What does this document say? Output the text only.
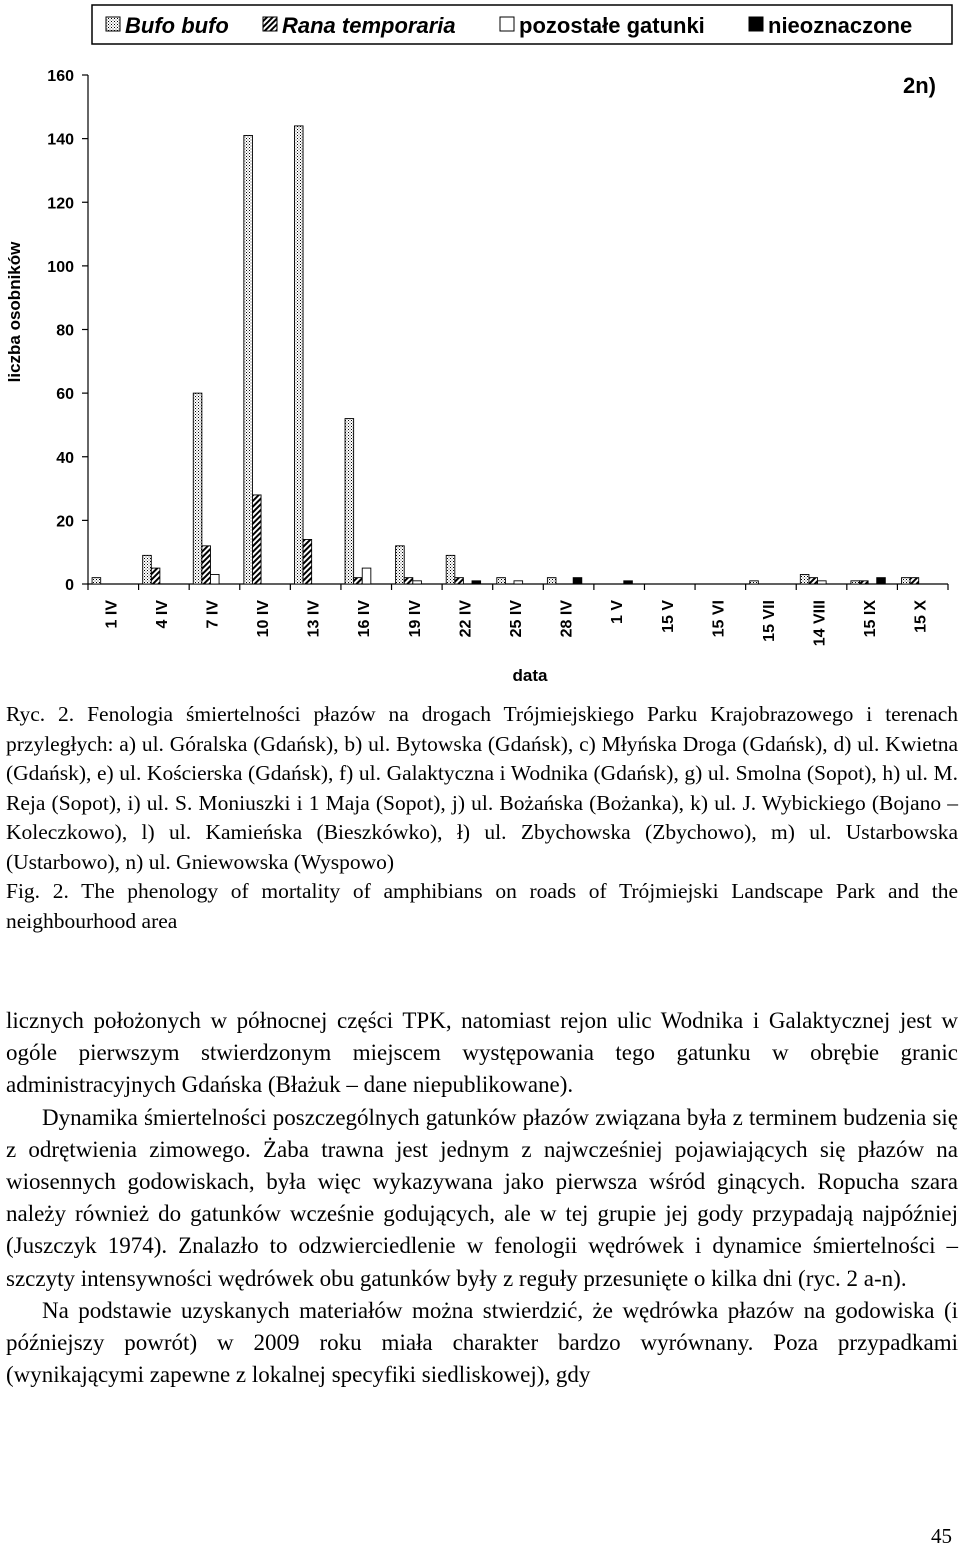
Bufo bufo Rana temporaria	pozostałe gatunki	nieoznaczone
2n)
liczba osobników
data
0
20
40
60
80
100
120
140
160
1 IV 4 IV 7 IV 10 IV 13 IV 16 IV 19 IV 22 IV 25 IV 28 IV 1 V 15 V 15 VI 15 VII 14 VIII 15 IX 15 X

Ryc. 2. Fenologia śmiertelności płazów na drogach Trójmiejskiego Parku Krajobrazowego i terenach przyległych: a) ul. Góralska (Gdańsk), b) ul. Bytowska (Gdańsk), c) Młyńska Droga (Gdańsk), d) ul. Kwietna (Gdańsk), e) ul. Kościerska (Gdańsk), f) ul. Galaktyczna i Wodnika (Gdańsk), g) ul. Smolna (Sopot), h) ul. M. Reja (Sopot), i) ul. S. Moniuszki i 1 Maja (Sopot), j) ul. Bożańska (Bożanka), k) ul. J. Wybickiego (Bojano – Koleczkowo), l) ul. Kamieńska (Bieszkówko), ł) ul. Zbychowska (Zbychowo), m) ul. Ustarbowska (Ustarbowo), n) ul. Gniewowska (Wyspowo)

Fig. 2. The phenology of mortality of amphibians on roads of Trójmiejski Landscape Park and the neighbourhood area

licznych położonych w północnej części TPK, natomiast rejon ulic Wodnika i Galaktycznej jest w ogóle pierwszym stwierdzonym miejscem występowania tego gatunku w obrębie granic administracyjnych Gdańska (Błażuk – dane niepublikowane).

Dynamika śmiertelności poszczególnych gatunków płazów związana była z terminem budzenia się z odrętwienia zimowego. Żaba trawna jest jednym z najwcześniej pojawiających się płazów na wiosennych godowiskach, była więc wykazywana jako pierwsza wśród ginących. Ropucha szara należy również do gatunków wcześnie godujących, ale w tej grupie jej gody przypadają najpóźniej (Juszczyk 1974). Znalazło to odzwierciedlenie w fenologii wędrówek i dynamice śmiertelności – szczyty intensywności wędrówek obu gatunków były z reguły przesunięte o kilka dni (ryc. 2 a-n).

Na podstawie uzyskanych materiałów można stwierdzić, że wędrówka płazów na godowiska (i późniejszy powrót) w 2009 roku miała charakter bardzo wyrównany. Poza przypadkami (wynikającymi zapewne z lokalnej specyfiki siedliskowej), gdy

45
